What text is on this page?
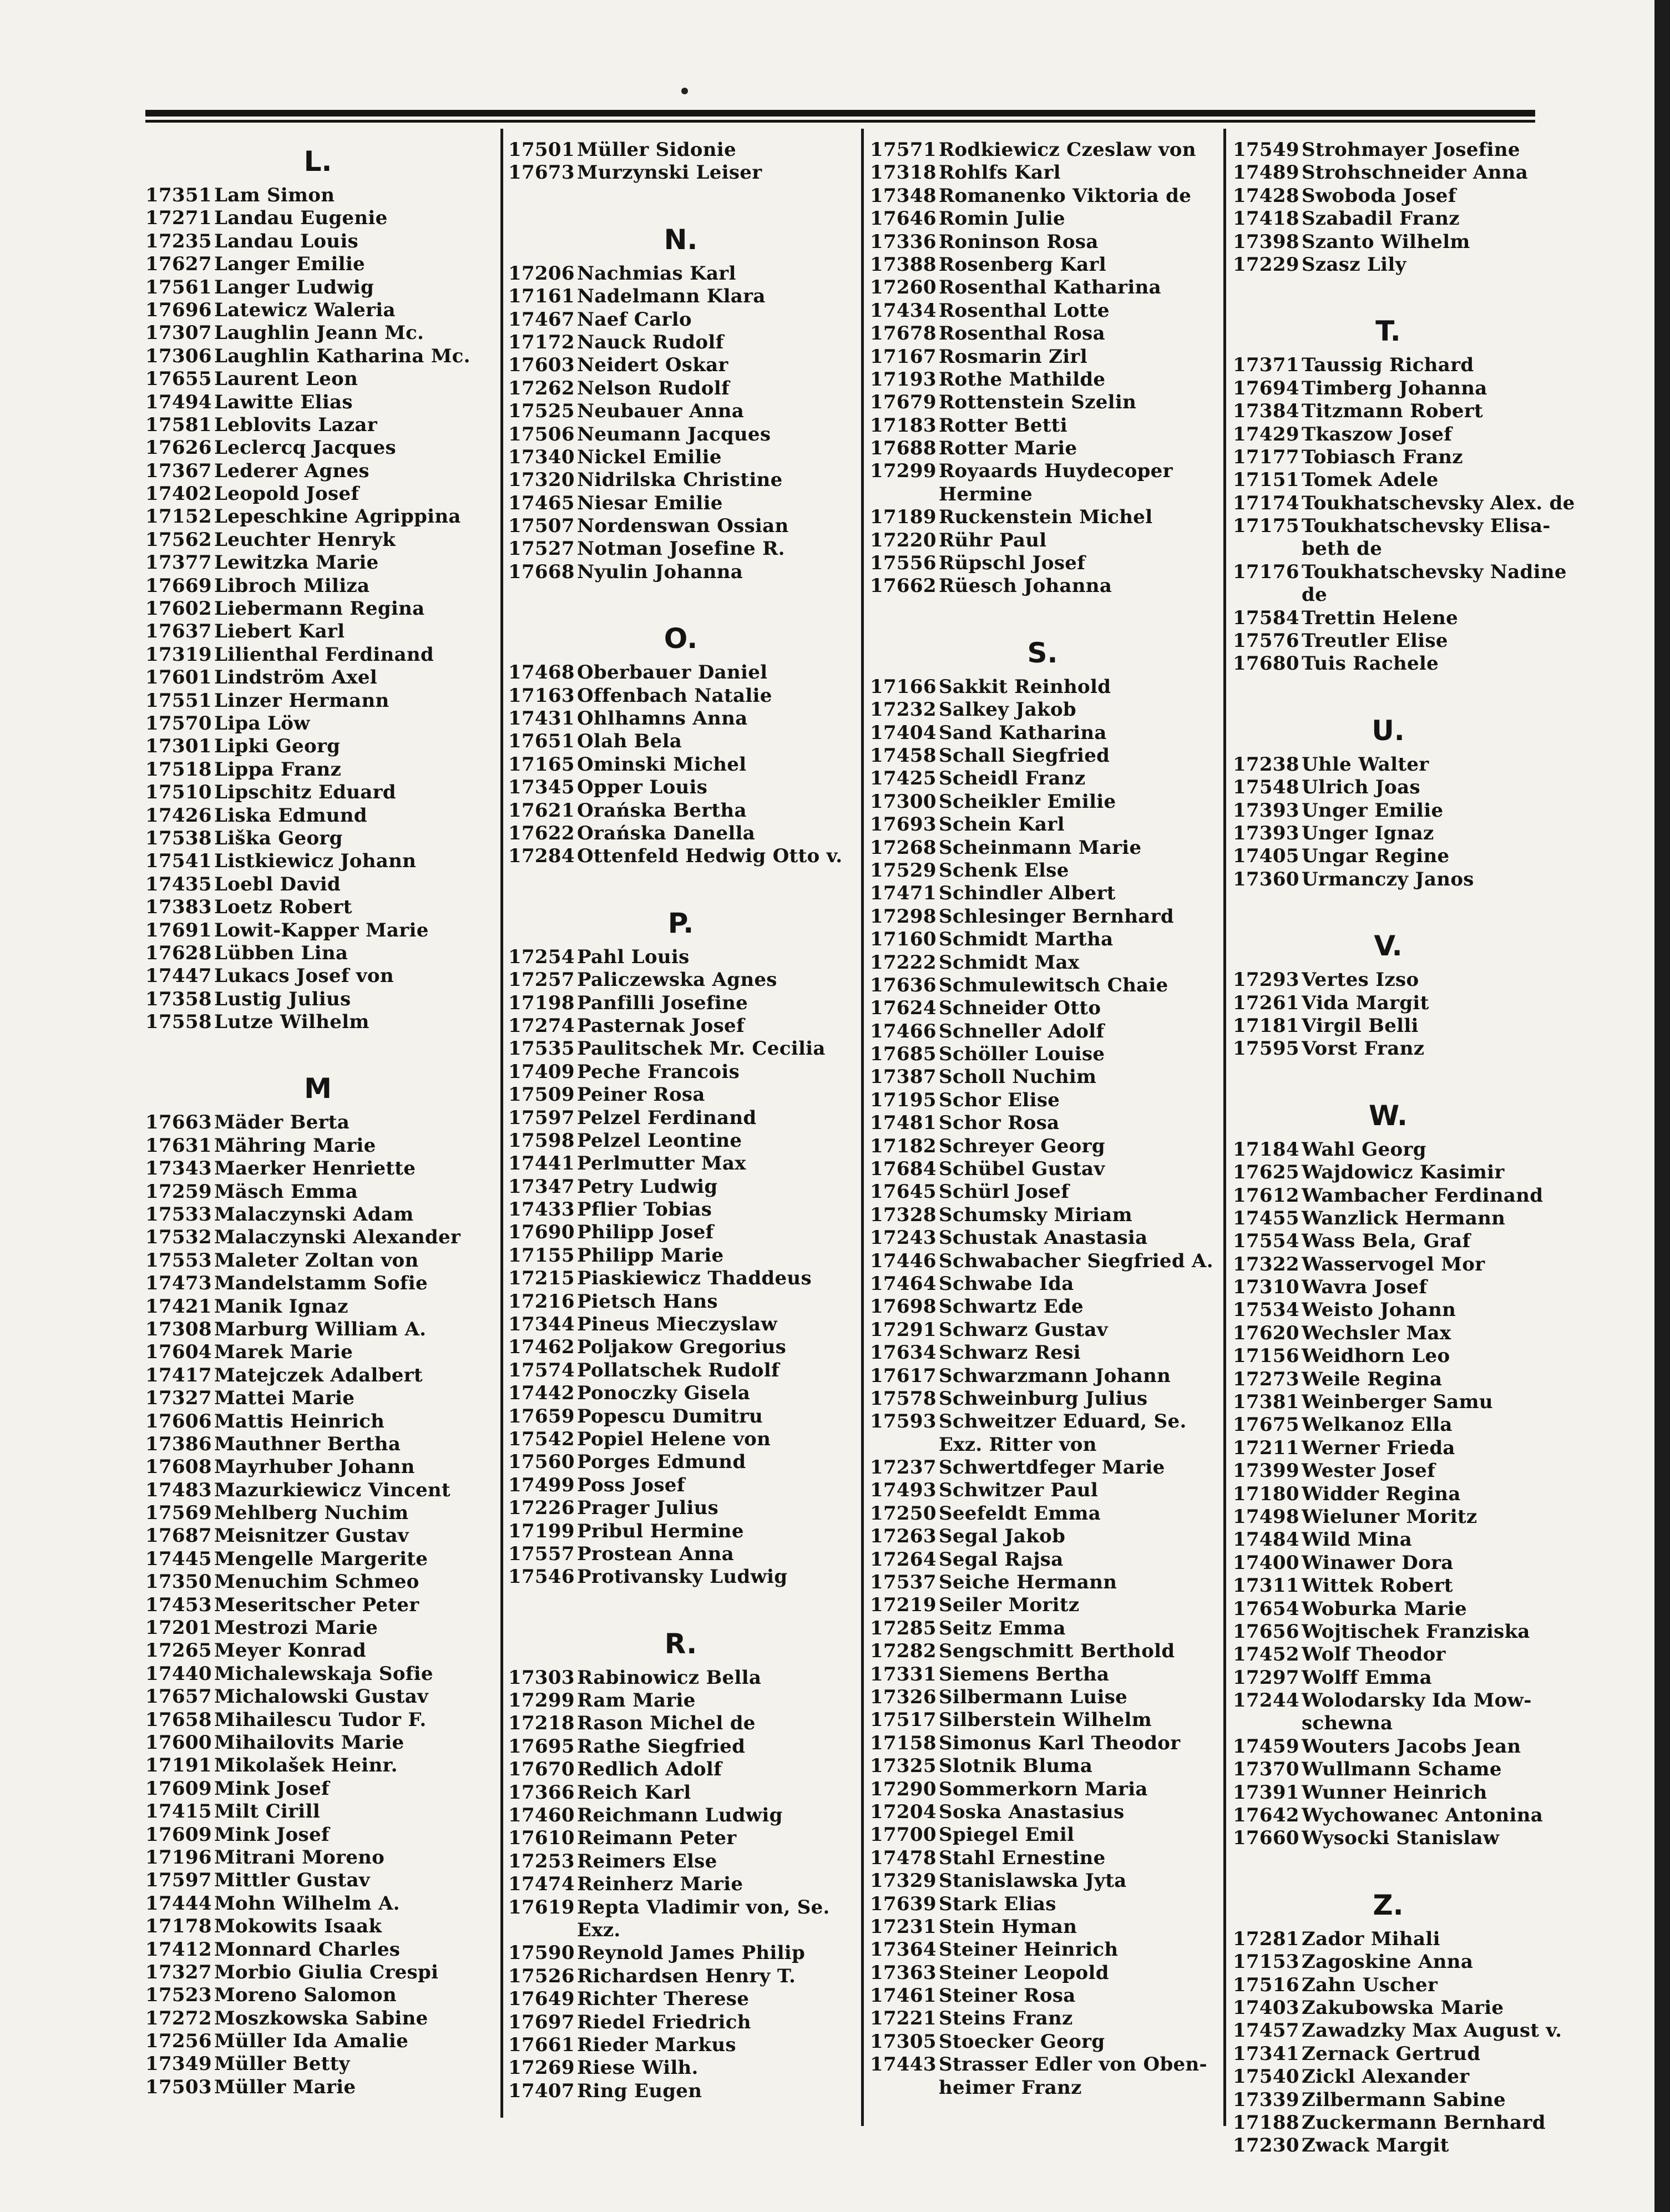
L.
17351 Lam Simon
17271 Landau Eugenie
17235 Landau Louis
17627 Langer Emilie
17561 Langer Ludwig
17696 Latewicz Waleria
17307 Laughlin Jeann Mc.
17306 Laughlin Katharina Mc.
17655 Laurent Leon
17494 Lawitte Elias
17581 Leblovits Lazar
17626 Leclercq Jacques
17367 Lederer Agnes
17402 Leopold Josef
17152 Lepeschkine Agrippina
17562 Leuchter Henryk
17377 Lewitzka Marie
17669 Libroch Miliza
17602 Liebermann Regina
17637 Liebert Karl
17319 Lilienthal Ferdinand
17601 Lindström Axel
17551 Linzer Hermann
17570 Lipa Löw
17301 Lipki Georg
17518 Lippa Franz
17510 Lipschitz Eduard
17426 Liska Edmund
17538 Liška Georg
17541 Listkiewicz Johann
17435 Loebl David
17383 Loetz Robert
17691 Lowit-Kapper Marie
17628 Lübben Lina
17447 Lukacs Josef von
17358 Lustig Julius
17558 Lutze Wilhelm
M
17663 Mäder Berta
17631 Mähring Marie
17343 Maerker Henriette
17259 Mäsch Emma
17533 Malaczynski Adam
17532 Malaczynski Alexander
17553 Maleter Zoltan von
17473 Mandelstamm Sofie
17421 Manik Ignaz
17308 Marburg William A.
17604 Marek Marie
17417 Matejczek Adalbert
17327 Mattei Marie
17606 Mattis Heinrich
17386 Mauthner Bertha
17608 Mayrhuber Johann
17483 Mazurkiewicz Vincent
17569 Mehlberg Nuchim
17687 Meisnitzer Gustav
17445 Mengelle Margerite
17350 Menuchim Schmeo
17453 Meseritscher Peter
17201 Mestrozi Marie
17265 Meyer Konrad
17440 Michalewskaja Sofie
17657 Michalowski Gustav
17658 Mihailescu Tudor F.
17600 Mihailovits Marie
17191 Mikolašek Heinr.
17609 Mink Josef
17415 Milt Cirill
17609 Mink Josef
17196 Mitrani Moreno
17597 Mittler Gustav
17444 Mohn Wilhelm A.
17178 Mokowits Isaak
17412 Monnard Charles
17327 Morbio Giulia Crespi
17523 Moreno Salomon
17272 Moszkowska Sabine
17256 Müller Ida Amalie
17349 Müller Betty
17503 Müller Marie
17501 Müller Sidonie
17673 Murzynski Leiser
N.
17206 Nachmias Karl
17161 Nadelmann Klara
17467 Naef Carlo
17172 Nauck Rudolf
17603 Neidert Oskar
17262 Nelson Rudolf
17525 Neubauer Anna
17506 Neumann Jacques
17340 Nickel Emilie
17320 Nidrilska Christine
17465 Niesar Emilie
17507 Nordenswan Ossian
17527 Notman Josefine R.
17668 Nyulin Johanna
O.
17468 Oberbauer Daniel
17163 Offenbach Natalie
17431 Ohlhamns Anna
17651 Olah Bela
17165 Ominski Michel
17345 Opper Louis
17621 Orańska Bertha
17622 Orańska Danella
17284 Ottenfeld Hedwig Otto v.
P.
17254 Pahl Louis
17257 Paliczewska Agnes
17198 Panfilli Josefine
17274 Pasternak Josef
17535 Paulitschek Mr. Cecilia
17409 Peche Francois
17509 Peiner Rosa
17597 Pelzel Ferdinand
17598 Pelzel Leontine
17441 Perlmutter Max
17347 Petry Ludwig
17433 Pflier Tobias
17690 Philipp Josef
17155 Philipp Marie
17215 Piaskiewicz Thaddeus
17216 Pietsch Hans
17344 Pineus Mieczyslaw
17462 Poljakow Gregorius
17574 Pollatschek Rudolf
17442 Ponoczky Gisela
17659 Popescu Dumitru
17542 Popiel Helene von
17560 Porges Edmund
17499 Poss Josef
17226 Prager Julius
17199 Pribul Hermine
17557 Prostean Anna
17546 Protivansky Ludwig
R.
17303 Rabinowicz Bella
17299 Ram Marie
17218 Rason Michel de
17695 Rathe Siegfried
17670 Redlich Adolf
17366 Reich Karl
17460 Reichmann Ludwig
17610 Reimann Peter
17253 Reimers Else
17474 Reinherz Marie
17619 Repta Vladimir von, Se.
Exz.
17590 Reynold James Philip
17526 Richardsen Henry T.
17649 Richter Therese
17697 Riedel Friedrich
17661 Rieder Markus
17269 Riese Wilh.
17407 Ring Eugen
17571 Rodkiewicz Czeslaw von
17318 Rohlfs Karl
17348 Romanenko Viktoria de
17646 Romin Julie
17336 Roninson Rosa
17388 Rosenberg Karl
17260 Rosenthal Katharina
17434 Rosenthal Lotte
17678 Rosenthal Rosa
17167 Rosmarin Zirl
17193 Rothe Mathilde
17679 Rottenstein Szelin
17183 Rotter Betti
17688 Rotter Marie
17299 Royaards Huydecoper
Hermine
17189 Ruckenstein Michel
17220 Rühr Paul
17556 Rüpschl Josef
17662 Rüesch Johanna
S.
17166 Sakkit Reinhold
17232 Salkey Jakob
17404 Sand Katharina
17458 Schall Siegfried
17425 Scheidl Franz
17300 Scheikler Emilie
17693 Schein Karl
17268 Scheinmann Marie
17529 Schenk Else
17471 Schindler Albert
17298 Schlesinger Bernhard
17160 Schmidt Martha
17222 Schmidt Max
17636 Schmulewitsch Chaie
17624 Schneider Otto
17466 Schneller Adolf
17685 Schöller Louise
17387 Scholl Nuchim
17195 Schor Elise
17481 Schor Rosa
17182 Schreyer Georg
17684 Schübel Gustav
17645 Schürl Josef
17328 Schumsky Miriam
17243 Schustak Anastasia
17446 Schwabacher Siegfried A.
17464 Schwabe Ida
17698 Schwartz Ede
17291 Schwarz Gustav
17634 Schwarz Resi
17617 Schwarzmann Johann
17578 Schweinburg Julius
17593 Schweitzer Eduard, Se.
Exz. Ritter von
17237 Schwertdfeger Marie
17493 Schwitzer Paul
17250 Seefeldt Emma
17263 Segal Jakob
17264 Segal Rajsa
17537 Seiche Hermann
17219 Seiler Moritz
17285 Seitz Emma
17282 Sengschmitt Berthold
17331 Siemens Bertha
17326 Silbermann Luise
17517 Silberstein Wilhelm
17158 Simonus Karl Theodor
17325 Slotnik Bluma
17290 Sommerkorn Maria
17204 Soska Anastasius
17700 Spiegel Emil
17478 Stahl Ernestine
17329 Stanislawska Jyta
17639 Stark Elias
17231 Stein Hyman
17364 Steiner Heinrich
17363 Steiner Leopold
17461 Steiner Rosa
17221 Steins Franz
17305 Stoecker Georg
17443 Strasser Edler von Oben-
heimer Franz
17549 Strohmayer Josefine
17489 Strohschneider Anna
17428 Swoboda Josef
17418 Szabadil Franz
17398 Szanto Wilhelm
17229 Szasz Lily
T.
17371 Taussig Richard
17694 Timberg Johanna
17384 Titzmann Robert
17429 Tkaszow Josef
17177 Tobiasch Franz
17151 Tomek Adele
17174 Toukhatschevsky Alex. de
17175 Toukhatschevsky Elisa-
beth de
17176 Toukhatschevsky Nadine
de
17584 Trettin Helene
17576 Treutler Elise
17680 Tuis Rachele
U.
17238 Uhle Walter
17548 Ulrich Joas
17393 Unger Emilie
17393 Unger Ignaz
17405 Ungar Regine
17360 Urmanczy Janos
V.
17293 Vertes Izso
17261 Vida Margit
17181 Virgil Belli
17595 Vorst Franz
W.
17184 Wahl Georg
17625 Wajdowicz Kasimir
17612 Wambacher Ferdinand
17455 Wanzlick Hermann
17554 Wass Bela, Graf
17322 Wasservogel Mor
17310 Wavra Josef
17534 Weisto Johann
17620 Wechsler Max
17156 Weidhorn Leo
17273 Weile Regina
17381 Weinberger Samu
17675 Welkanoz Ella
17211 Werner Frieda
17399 Wester Josef
17180 Widder Regina
17498 Wieluner Moritz
17484 Wild Mina
17400 Winawer Dora
17311 Wittek Robert
17654 Woburka Marie
17656 Wojtischek Franziska
17452 Wolf Theodor
17297 Wolff Emma
17244 Wolodarsky Ida Mow-
schewna
17459 Wouters Jacobs Jean
17370 Wullmann Schame
17391 Wunner Heinrich
17642 Wychowanec Antonina
17660 Wysocki Stanislaw
Z.
17281 Zador Mihali
17153 Zagoskine Anna
17516 Zahn Uscher
17403 Zakubowska Marie
17457 Zawadzky Max August v.
17341 Zernack Gertrud
17540 Zickl Alexander
17339 Zilbermann Sabine
17188 Zuckermann Bernhard
17230 Zwack Margit
